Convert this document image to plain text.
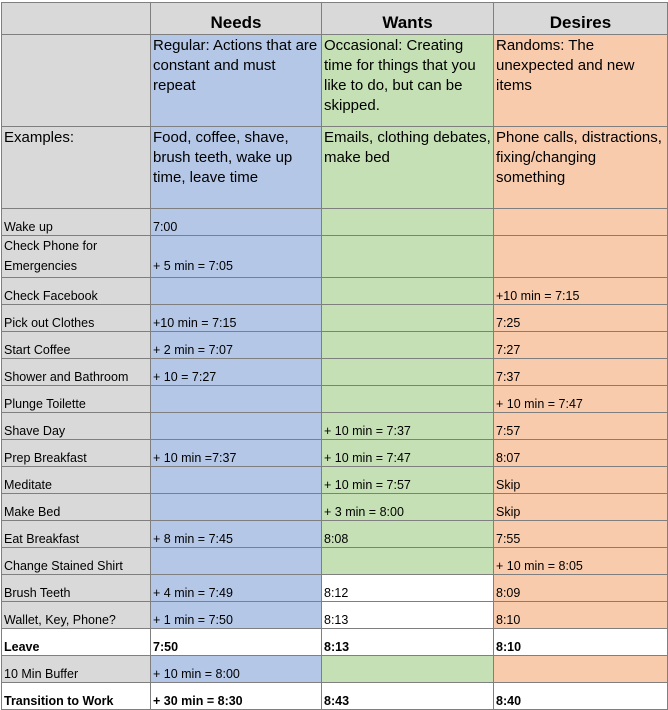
	Needs	Wants	Desires
	Regular: Actions that are constant and must repeat	Occasional: Creating time for things that you like to do, but can be skipped.	Randoms: The unexpected and new items
Examples:	Food, coffee, shave, brush teeth, wake up time, leave time	Emails, clothing debates, make bed	Phone calls, distractions, fixing/changing something
Wake up	7:00		
Check Phone for Emergencies	+ 5 min = 7:05		
Check Facebook			+10 min = 7:15
Pick out Clothes	+10 min = 7:15		7:25
Start Coffee	+ 2 min = 7:07		7:27
Shower and Bathroom	+ 10 = 7:27		7:37
Plunge Toilette			+ 10 min = 7:47
Shave Day		+ 10 min = 7:37	7:57
Prep Breakfast	+ 10 min =7:37	+ 10 min = 7:47	8:07
Meditate		+ 10 min = 7:57	Skip
Make Bed		+ 3 min = 8:00	Skip
Eat Breakfast	+ 8 min = 7:45	8:08	7:55
Change Stained Shirt			+ 10 min = 8:05
Brush Teeth	+ 4 min = 7:49	8:12	8:09
Wallet, Key, Phone?	+ 1 min = 7:50	8:13	8:10
Leave	7:50	8:13	8:10
10 Min Buffer	+ 10 min = 8:00		
Transition to Work	+ 30 min = 8:30	8:43	8:40
